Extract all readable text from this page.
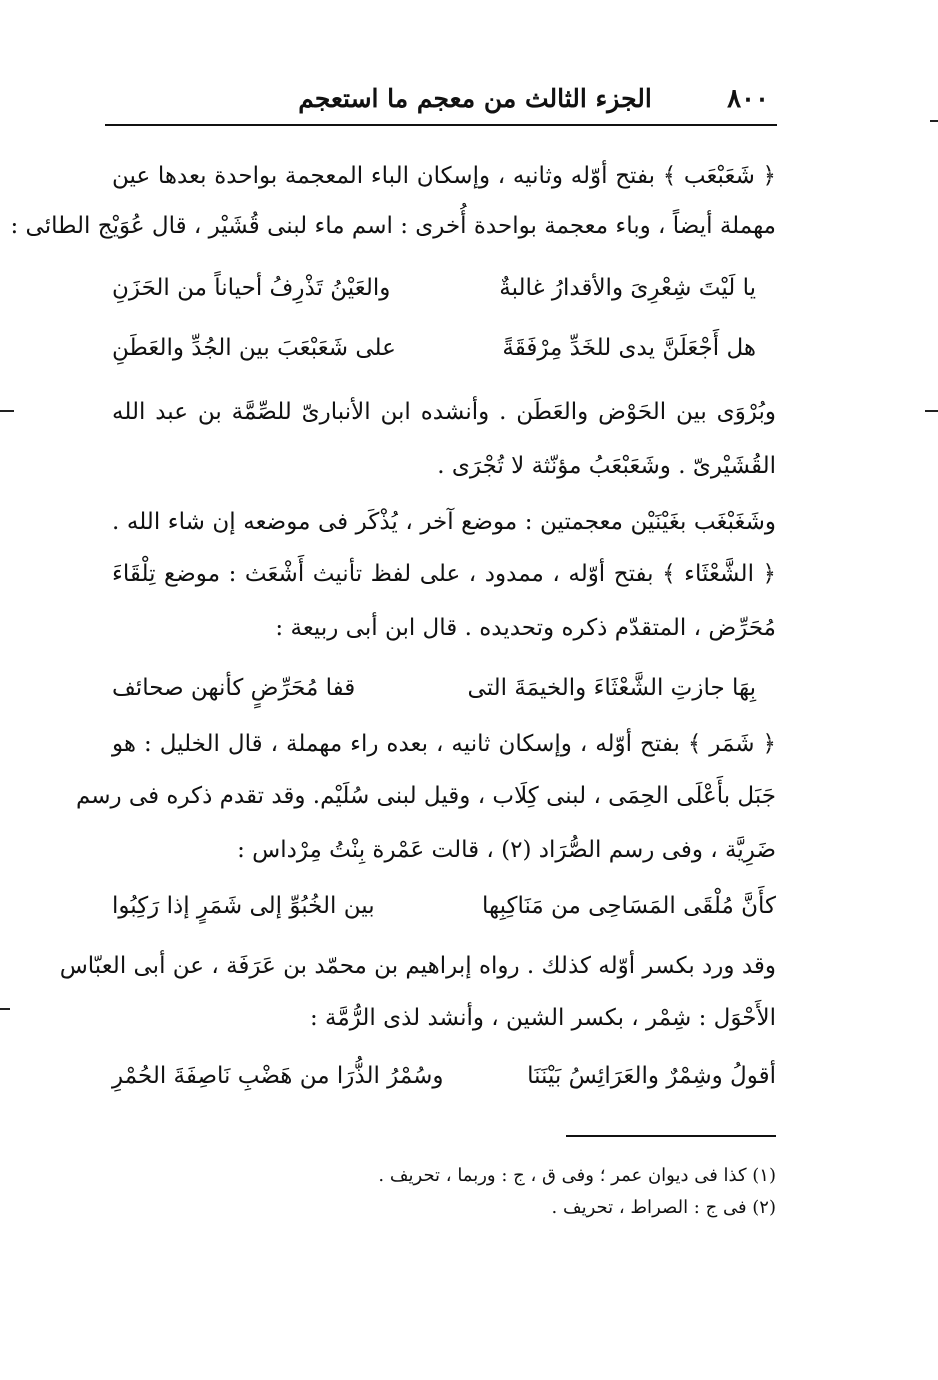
الجزء الثالث من معجم ما استعجم	٨٠٠
﴿ شَعَبْعَب ﴾ بفتح أوّله وثانيه ، وإسكان الباء المعجمة بواحدة بعدها عين
مهملة أيضاً ، وباء معجمة بواحدة أُخرى : اسم ماء لبنى قُشَيْر ، قال عُوَيْج الطائى :
يا لَيْتَ شِعْرِىَ والأقدارُ غالبةٌ
والعَيْنُ تَذْرِفُ أحياناً من الحَزَنِ
هل أَجْعَلَنَّ يدى للخَدِّ مِرْفَقَةً
على شَعَبْعَبَ بين الجُدِّ والعَطَنِ
وبُرْوَى بين الحَوْض والعَطَن . وأنشده ابن الأنبارىّ للصِّمَّة بن عبد الله
القُشَيْرىّ . وشَعَبْعَبُ مؤنّثة لا تُجْرَى .
وشَغَبْغَب بغَيْنَيْن معجمتين : موضع آخر ، يُذْكَر فى موضعه إن شاء الله .
﴿ الشَّعْثَاء ﴾ بفتح أوّله ، ممدود ، على لفظ تأنيث أَشْعَث : موضع تِلْقَاءَ
مُحَرِّض ، المتقدّم ذكره وتحديده . قال ابن أبى ربيعة :
بِهَا جازتِ الشَّعْثَاءَ والخيمَةَ التى
قفا مُحَرِّضٍ كأنهن صحائف
﴿ شَمَر ﴾ بفتح أوّله ، وإسكان ثانيه ، بعده راء مهملة ، قال الخليل : هو
جَبَل بأَعْلَى الحِمَى ، لبنى كِلَاب ، وقيل لبنى سُلَيْم. وقد تقدم ذكره فى رسم
ضَرِيَّة ، وفى رسم الصُّرَاد (٢) ، قالت عَمْرة بِنْتُ مِرْداس :
كأَنَّ مُلْقَى المَسَاحِى من مَنَاكِبِها
بين الخُبُوِّ إلى شَمَرٍ إذا رَكِبُوا
وقد ورد بكسر أوّله كذلك . رواه إبراهيم بن محمّد بن عَرَفَة ، عن أبى العبّاس
الأَحْوَل : شِمْر ، بكسر الشين ، وأنشد لذى الرُّمَّة :
أقولُ وشِمْرٌ والعَرَائِسُ بَيْنَنَا
وسُمْرُ الذُّرَا من هَضْبِ نَاصِفَةَ الحُمْرِ
(١) كذا فى ديوان عمر ؛ وفى ق ، ج : وربما ، تحريف .
(٢) فى ج : الصراط ، تحريف .
